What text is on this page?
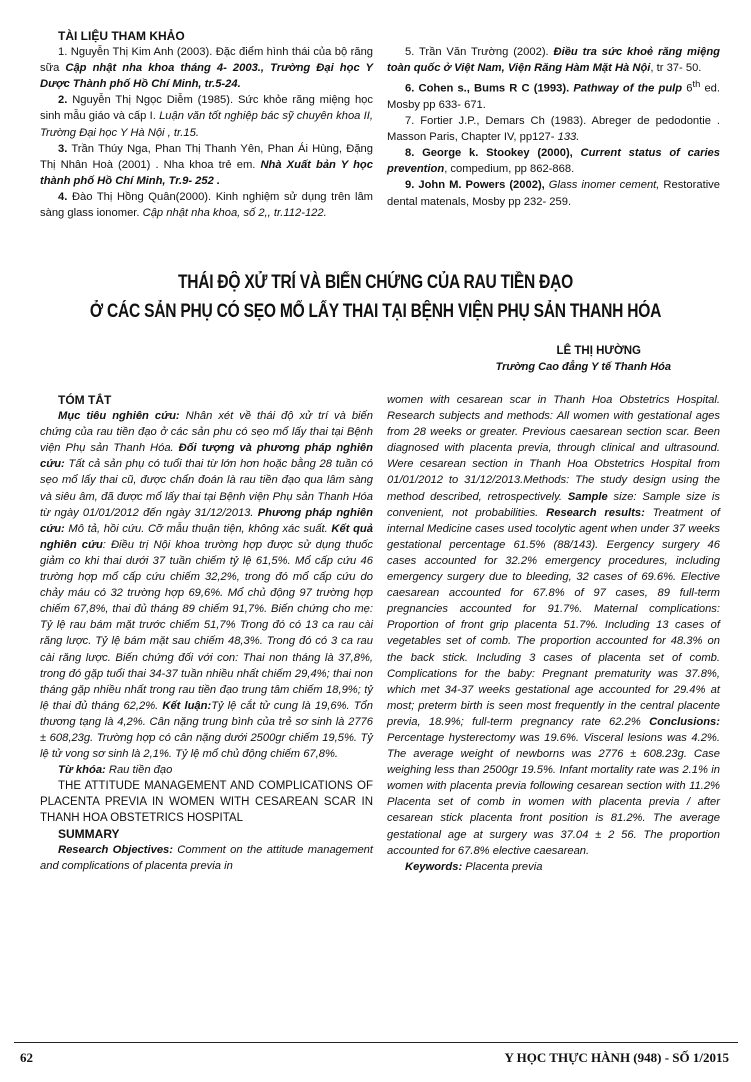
TÀI LIỆU THAM KHẢO

1. Nguyễn Thị Kim Anh (2003). Đặc điểm hình thái của bộ răng sữa Cập nhật nha khoa tháng 4- 2003., Trường Đại học Y Dược Thành phố Hồ Chí Minh, tr.5-24.

2. Nguyễn Thị Ngọc Diễm (1985). Sức khỏe răng miệng học sinh mẫu giáo và cấp I. Luận văn tốt nghiệp bác sỹ chuyên khoa II, Trường Đại học Y Hà Nội , tr.15.

3. Trần Thúy Nga, Phan Thị Thanh Yên, Phan Ái Hùng, Đặng Thị Nhân Hoà (2001) . Nha khoa trẻ em. Nhà Xuất bản Y học thành phố Hồ Chí Minh, Tr.9- 252 .

4. Đào Thị Hồng Quân(2000). Kinh nghiệm sử dụng trên lâm sàng glass ionomer. Cập nhật nha khoa, số 2,, tr.112-122.

5. Trần Văn Trường (2002). Điều tra sức khoẻ răng miệng toàn quốc ở Việt Nam, Viện Răng Hàm Mặt Hà Nội, tr 37- 50.

6. Cohen s., Bums R C (1993). Pathway of the pulp 6th ed. Mosby pp 633- 671.

7. Fortier J.P., Demars Ch (1983). Abreger de pedodontie . Masson Paris, Chapter IV, pp127- 133.

8. George k. Stookey (2000), Current status of caries prevention, compedium, pp 862-868.

9. John M. Powers (2002), Glass inomer cement, Restorative dental matenals, Mosby pp 232- 259.

THÁI ĐỘ XỬ TRÍ VÀ BIẾN CHỨNG CỦA RAU TIỀN ĐẠO
Ở CÁC SẢN PHỤ CÓ SẸO MỔ LẤY THAI TẠI BỆNH VIỆN PHỤ SẢN THANH HÓA
LÊ THỊ HƯỜNG
Trường Cao đẳng Y tế Thanh Hóa

TÓM TẮT

Mục tiêu nghiên cứu: Nhân xét về thái độ xử trí và biến chứng của rau tiền đạo ở các sản phu có sẹo mổ lấy thai tại Bệnh viện Phụ sản Thanh Hóa. Đối tượng và phương pháp nghiên cứu: Tất cả sản phụ có tuổi thai từ lớn hơn hoặc bằng 28 tuần có sẹo mổ lấy thai cũ, được chẩn đoán là rau tiền đạo qua lâm sàng và siêu âm, đã được mổ lấy thai tại Bệnh viện Phụ sản Thanh Hóa từ ngày 01/01/2012 đến ngày 31/12/2013. Phương pháp nghiên cứu: Mô tả, hồi cứu. Cỡ mẫu thuận tiện, không xác suất. Kết quả nghiên cứu: Điều trị Nội khoa trường hợp được sử dụng thuốc giảm co khi thai dưới 37 tuần chiếm tỷ lệ 61,5%. Mổ cấp cứu 46 trường hợp mổ cấp cứu chiếm 32,2%, trong đó mổ cấp cứu do chảy máu có 32 trường hợp 69,6%. Mổ chủ động 97 trường hợp chiếm 67,8%, thai đủ tháng 89 chiếm 91,7%. Biến chứng cho mẹ: Tỷ lệ rau bám mặt trước chiếm 51,7% Trong đó có 13 ca rau cài răng lược. Tỷ lệ bám mặt sau chiếm 48,3%. Trong đó có 3 ca rau cài răng lược. Biến chứng đối với con: Thai non tháng là 37,8%, trong đó gặp tuổi thai 34-37 tuần nhiều nhất chiếm 29,4%; thai non tháng gặp nhiều nhất trong rau tiền đạo trung tâm chiếm 18,9%; tỷ lệ thai đủ tháng 62,2%. Kết luận:Tỷ lệ cắt tử cung là 19,6%. Tổn thương tạng là 4,2%. Cân nặng trung bình của trẻ sơ sinh là 2776 ± 608,23g. Trường hợp có cân nặng dưới 2500gr chiếm 19,5%. Tỷ lệ tử vong sơ sinh là 2,1%. Tỷ lệ mổ chủ động chiếm 67,8%.

Từ khóa: Rau tiền đạo

THE ATTITUDE MANAGEMENT AND COMPLICATIONS OF PLACENTA PREVIA IN WOMEN WITH CESAREAN SCAR IN THANH HOA OBSTETRICS HOSPITAL

SUMMARY

Research Objectives: Comment on the attitude management and complications of placenta previa in

women with cesarean scar in Thanh Hoa Obstetrics Hospital. Research subjects and methods: All women with gestational ages from 28 weeks or greater. Previous caesarean section scar. Been diagnosed with placenta previa, through clinical and ultrasound. Were cesarean section in Thanh Hoa Obstetrics Hospital from 01/01/2012 to 31/12/2013.Methods: The study design using the method described, retrospectively. Sample size: Sample size is convenient, not probabilities. Research results: Treatment of internal Medicine cases used tocolytic agent when under 37 weeks gestational percentage 61.5% (88/143). Eergency surgery 46 cases accounted for 32.2% emergency procedures, including emergency surgery due to bleeding, 32 cases of 69.6%. Elective caesarean accounted for 67.8% of 97 cases, 89 full-term pregnancies accounted for 91.7%. Maternal complications: Proportion of front grip placenta 51.7%. Including 13 cases of vegetables set of comb. The proportion accounted for 48.3% on the back stick. Including 3 cases of placenta set of comb. Complications for the baby: Pregnant prematurity was 37.8%, which met 34-37 weeks gestational age accounted for 29.4% at most; preterm birth is seen most frequently in the central placente previa, 18.9%; full-term pregnancy rate 62.2% Conclusions: Percentage hysterectomy was 19.6%. Visceral lesions was 4.2%. The average weight of newborns was 2776 ± 608.23g. Case weighing less than 2500gr 19.5%. Infant mortality rate was 2.1% in women with placenta previa following cesarean section with 11.2% Placenta set of comb in women with placenta previa / after cesarean stick placenta front position is 81.2%. The average gestational age at surgery was 37.04 ± 2 56. The proportion accounted for 67.8% elective caesarean.

Keywords: Placenta previa

62	Y HỌC THỰC HÀNH (948) - SỐ 1/2015
